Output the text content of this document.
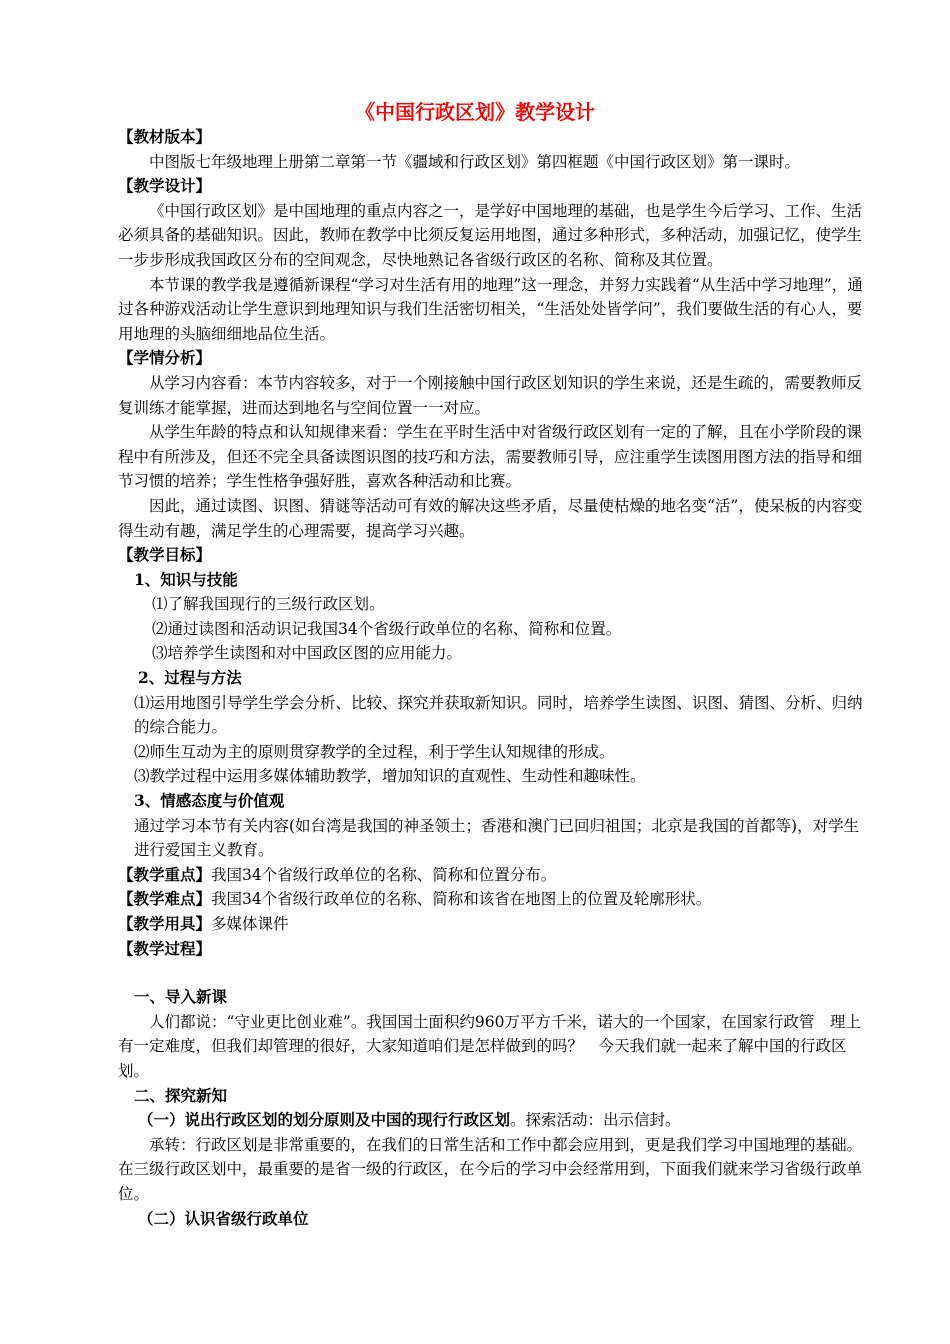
《中国行政区划》教学设计

【教材版本】

中图版七年级地理上册第二章第一节《疆域和行政区划》第四框题《中国行政区划》第一课时。

【教学设计】

《中国行政区划》是中国地理的重点内容之一，是学好中国地理的基础，也是学生今后学习、工作、生活必须具备的基础知识。因此，教师在教学中比须反复运用地图，通过多种形式，多种活动，加强记忆，使学生一步步形成我国政区分布的空间观念，尽快地熟记各省级行政区的名称、简称及其位置。

本节课的教学我是遵循新课程“学习对生活有用的地理”这一理念，并努力实践着“从生活中学习地理”，通过各种游戏活动让学生意识到地理知识与我们生活密切相关，“生活处处皆学问”，我们要做生活的有心人，要用地理的头脑细细地品位生活。

【学情分析】

从学习内容看：本节内容较多，对于一个刚接触中国行政区划知识的学生来说，还是生疏的，需要教师反复训练才能掌握，进而达到地名与空间位置一一对应。

从学生年龄的特点和认知规律来看：学生在平时生活中对省级行政区划有一定的了解，且在小学阶段的课程中有所涉及，但还不完全具备读图识图的技巧和方法，需要教师引导，应注重学生读图用图方法的指导和细节习惯的培养；学生性格争强好胜，喜欢各种活动和比赛。

因此，通过读图、识图、猜谜等活动可有效的解决这些矛盾，尽量使枯燥的地名变“活”，使呆板的内容变得生动有趣，满足学生的心理需要，提高学习兴趣。

【教学目标】

1、知识与技能

⑴了解我国现行的三级行政区划。

⑵通过读图和活动识记我国34个省级行政单位的名称、简称和位置。

⑶培养学生读图和对中国政区图的应用能力。

2、过程与方法

⑴运用地图引导学生学会分析、比较、探究并获取新知识。同时，培养学生读图、识图、猜图、分析、归纳的综合能力。

⑵师生互动为主的原则贯穿教学的全过程，利于学生认知规律的形成。

⑶教学过程中运用多媒体辅助教学，增加知识的直观性、生动性和趣味性。

3、情感态度与价值观

通过学习本节有关内容(如台湾是我国的神圣领土；香港和澳门已回归祖国；北京是我国的首都等)，对学生进行爱国主义教育。

【教学重点】我国34个省级行政单位的名称、简称和位置分布。

【教学难点】我国34个省级行政单位的名称、简称和该省在地图上的位置及轮廓形状。

【教学用具】多媒体课件

【教学过程】

一、导入新课

人们都说：“守业更比创业难”。我国国土面积约960万平方千米，诺大的一个国家，在国家行政管　理上有一定难度，但我们却管理的很好，大家知道咱们是怎样做到的吗？　今天我们就一起来了解中国的行政区划。

二、探究新知

（一）说出行政区划的划分原则及中国的现行行政区划。探索活动：出示信封。

承转：行政区划是非常重要的，在我们的日常生活和工作中都会应用到，更是我们学习中国地理的基础。在三级行政区划中，最重要的是省一级的行政区，在今后的学习中会经常用到，下面我们就来学习省级行政单位。

（二）认识省级行政单位
